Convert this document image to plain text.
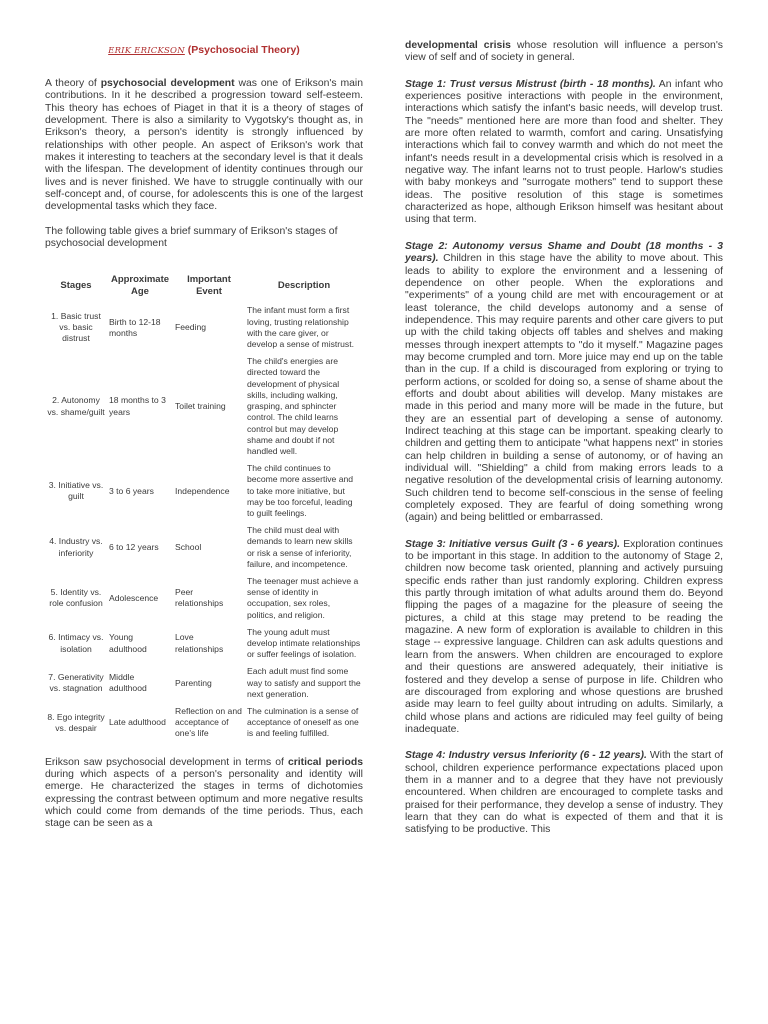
ERIK ERICKSON (Psychosocial Theory)

A theory of psychosocial development was one of Erikson's main contributions. In it he described a progression toward self-esteem. This theory has echoes of Piaget in that it is a theory of stages of development. There is also a similarity to Vygotsky's thought as, in Erikson's theory, a person's identity is strongly influenced by relationships with other people. An aspect of Erikson's work that makes it interesting to teachers at the secondary level is that it deals with the lifespan. The development of identity continues through our lives and is never finished. We have to struggle continually with our self-concept and, of course, for adolescents this is one of the largest developmental tasks which they face.

The following table gives a brief summary of Erikson's stages of psychosocial development

Stages	Approximate Age	Important Event	Description
1. Basic trust vs. basic distrust	Birth to 12-18 months	Feeding	The infant must form a first loving, trusting relationship with the care giver, or develop a sense of mistrust.
2. Autonomy vs. shame/guilt	18 months to 3 years	Toilet training	The child's energies are directed toward the development of physical skills, including walking, grasping, and sphincter control. The child learns control but may develop shame and doubt if not handled well.
3. Initiative vs. guilt	3 to 6 years	Independence	The child continues to become more assertive and to take more initiative, but may be too forceful, leading to guilt feelings.
4. Industry vs. inferiority	6 to 12 years	School	The child must deal with demands to learn new skills or risk a sense of inferiority, failure, and incompetence.
5. Identity vs. role confusion	Adolescence	Peer relationships	The teenager must achieve a sense of identity in occupation, sex roles, politics, and religion.
6. Intimacy vs. isolation	Young adulthood	Love relationships	The young adult must develop intimate relationships or suffer feelings of isolation.
7. Generativity vs. stagnation	Middle adulthood	Parenting	Each adult must find some way to satisfy and support the next generation.
8. Ego integrity vs. despair	Late adulthood	Reflection on and acceptance of one's life	The culmination is a sense of acceptance of oneself as one is and feeling fulfilled.

Erikson saw psychosocial development in terms of critical periods during which aspects of a person's personality and identity will emerge. He characterized the stages in terms of dichotomies expressing the contrast between optimum and more negative results which could come from demands of the time periods. Thus, each stage can be seen as a

developmental crisis whose resolution will influence a person's view of self and of society in general.

Stage 1: Trust versus Mistrust (birth - 18 months). An infant who experiences positive interactions with people in the environment, interactions which satisfy the infant's basic needs, will develop trust. The "needs" mentioned here are more than food and shelter. They are more often related to warmth, comfort and caring. Unsatisfying interactions which fail to convey warmth and which do not meet the infant's needs result in a developmental crisis which is resolved in a negative way. The infant learns not to trust people. Harlow's studies with baby monkeys and "surrogate mothers" tend to support these ideas. The positive resolution of this stage is sometimes characterized as hope, although Erikson himself was hesitant about using that term.

Stage 2: Autonomy versus Shame and Doubt (18 months - 3 years). Children in this stage have the ability to move about. This leads to ability to explore the environment and a lessening of dependence on other people. When the explorations and "experiments" of a young child are met with encouragement or at least tolerance, the child develops autonomy and a sense of independence. This may require parents and other care givers to put up with the child taking objects off tables and shelves and making messes through inexpert attempts to "do it myself." Magazine pages may become crumpled and torn. More juice may end up on the table than in the cup. If a child is discouraged from exploring or trying to perform actions, or scolded for doing so, a sense of shame about the efforts and doubt about abilities will develop. Many mistakes are made in this period and many more will be made in the future, but they are an essential part of developing a sense of autonomy. Indirect teaching at this stage can be important. speaking clearly to children and getting them to anticipate "what happens next" in stories can help children in building a sense of autonomy, or of having an individual will. "Shielding" a child from making errors leads to a negative resolution of the developmental crisis of learning autonomy. Such children tend to become self-conscious in the sense of feeling completely exposed. They are fearful of doing something wrong (again) and being belittled or embarrassed.

Stage 3: Initiative versus Guilt (3 - 6 years). Exploration continues to be important in this stage. In addition to the autonomy of Stage 2, children now become task oriented, planning and actively pursuing specific ends rather than just randomly exploring. Children express this partly through imitation of what adults around them do. Beyond flipping the pages of a magazine for the pleasure of seeing the pictures, a child at this stage may pretend to be reading the magazine. A new form of exploration is available to children in this stage -- expressive language. Children can ask adults questions and learn from the answers. When children are encouraged to explore and their questions are answered adequately, their initiative is fostered and they develop a sense of purpose in life. Children who are discouraged from exploring and whose questions are brushed aside may learn to feel guilty about intruding on adults. Similarly, a child whose plans and actions are ridiculed may feel guilty of being inadequate.

Stage 4: Industry versus Inferiority (6 - 12 years). With the start of school, children experience performance expectations placed upon them in a manner and to a degree that they have not previously encountered. When children are encouraged to complete tasks and praised for their performance, they develop a sense of industry. They learn that they can do what is expected of them and that it is satisfying to be productive. This
